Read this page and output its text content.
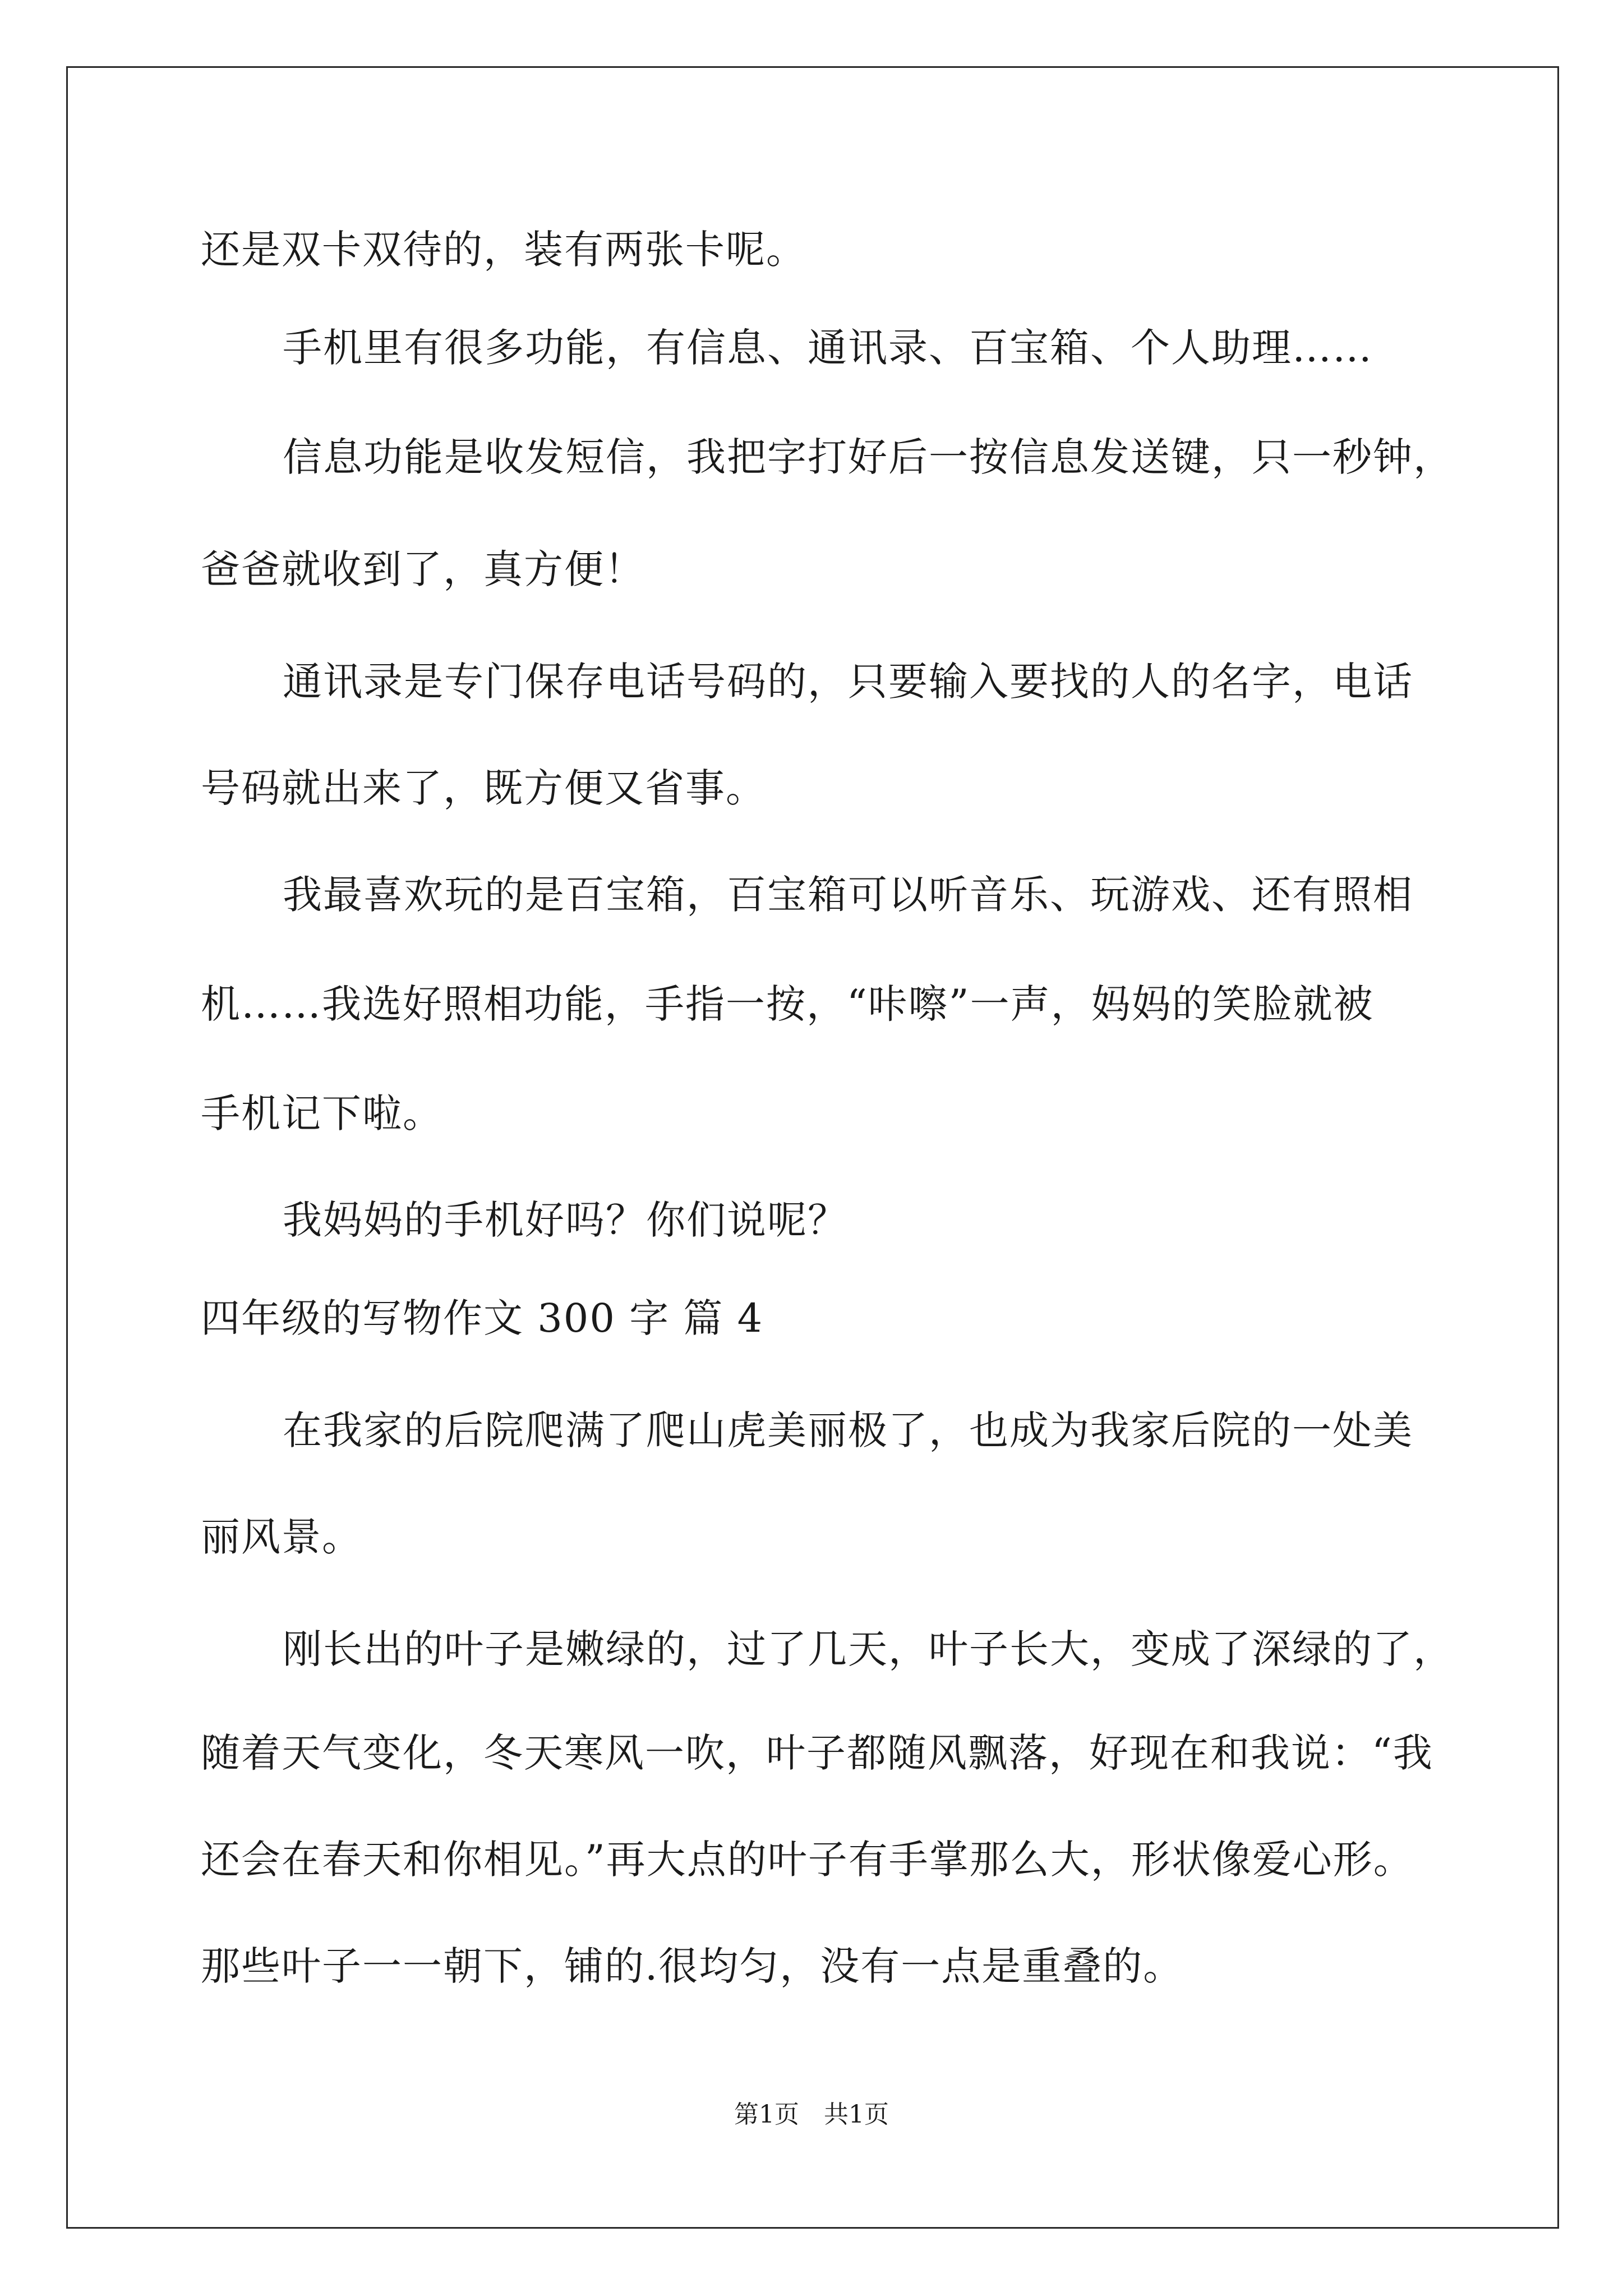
还是双卡双待的，装有两张卡呢。
手机里有很多功能，有信息、通讯录、百宝箱、个人助理……
信息功能是收发短信，我把字打好后一按信息发送键，只一秒钟，
爸爸就收到了，真方便！
通讯录是专门保存电话号码的，只要输入要找的人的名字，电话
号码就出来了，既方便又省事。
我最喜欢玩的是百宝箱，百宝箱可以听音乐、玩游戏、还有照相
机……我选好照相功能，手指一按，“咔嚓”一声，妈妈的笑脸就被
手机记下啦。
我妈妈的手机好吗？你们说呢？
四年级的写物作文 300 字 篇 4
在我家的后院爬满了爬山虎美丽极了，也成为我家后院的一处美
丽风景。
刚长出的叶子是嫩绿的，过了几天，叶子长大，变成了深绿的了，
随着天气变化，冬天寒风一吹，叶子都随风飘落，好现在和我说：“我
还会在春天和你相见。”再大点的叶子有手掌那么大，形状像爱心形。
那些叶子一一朝下，铺的.很均匀，没有一点是重叠的。
第1页 共1页
